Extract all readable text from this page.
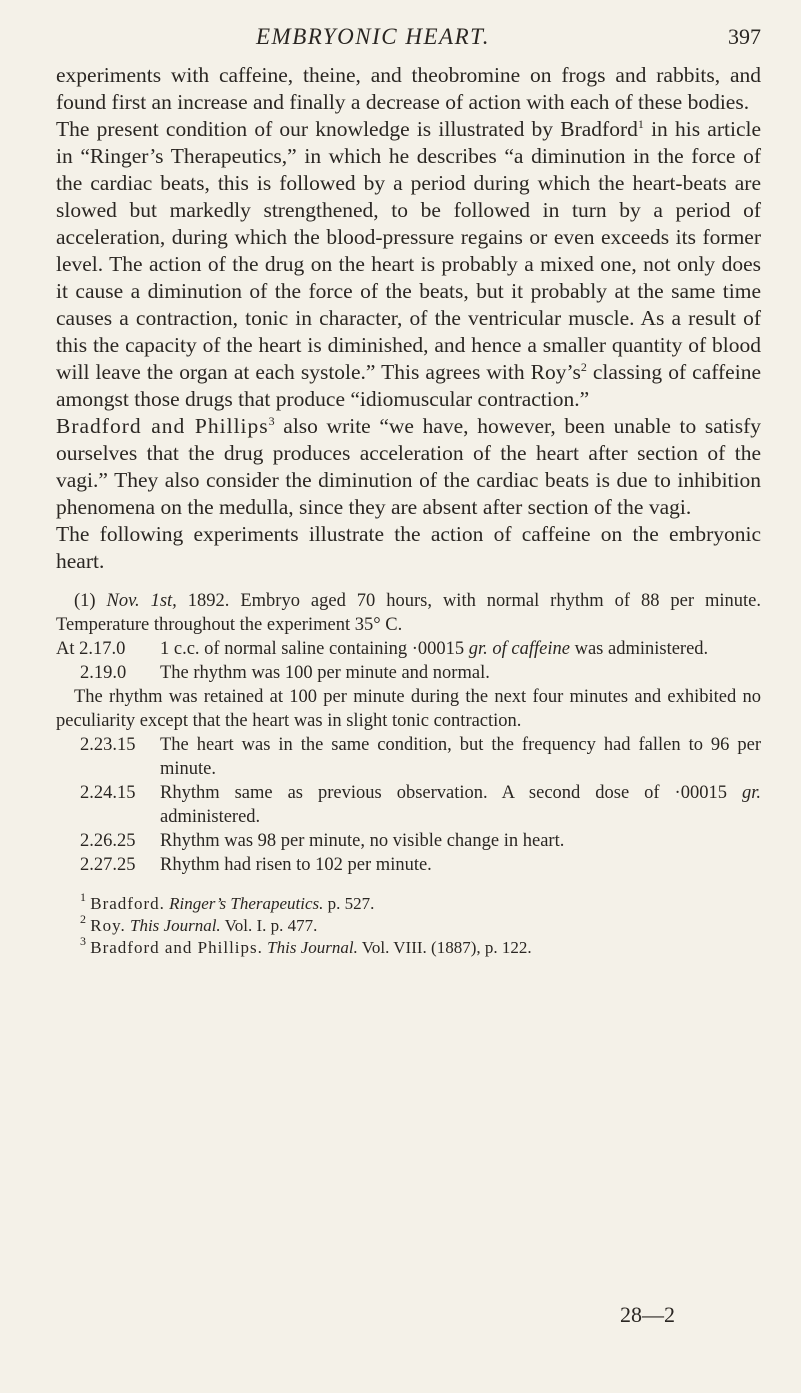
EMBRYONIC HEART.	397

experiments with caffeine, theine, and theobromine on frogs and rabbits, and found first an increase and finally a decrease of action with each of these bodies.

The present condition of our knowledge is illustrated by Bradford$^1$ in his article in “Ringer’s Therapeutics,” in which he describes “a diminution in the force of the cardiac beats, this is followed by a period during which the heart-beats are slowed but markedly strengthened, to be followed in turn by a period of acceleration, during which the blood-pressure regains or even exceeds its former level. The action of the drug on the heart is probably a mixed one, not only does it cause a diminution of the force of the beats, but it probably at the same time causes a contraction, tonic in character, of the ventricular muscle. As a result of this the capacity of the heart is diminished, and hence a smaller quantity of blood will leave the organ at each systole.” This agrees with $Roy’s^2$ classing of caffeine amongst those drugs that produce “idiomuscular contraction.”

Bradford and Phillips$^3$ also write “we have, however, been unable to satisfy ourselves that the drug produces acceleration of the heart after section of the vagi.” They also consider the diminution of the cardiac beats is due to inhibition phenomena on the medulla, since they are absent after section of the vagi.

The following experiments illustrate the action of caffeine on the embryonic heart.

(1) Nov. 1st, 1892. Embryo aged 70 hours, with normal rhythm of 88 per minute. Temperature throughout the experiment 35° C.

At 2.17.0	1 c.c. of normal saline containing ·00015 gr. of caffeine was administered.
2.19.0	The rhythm was 100 per minute and normal.

The rhythm was retained at 100 per minute during the next four minutes and exhibited no peculiarity except that the heart was in slight tonic contraction.

2.23.15	The heart was in the same condition, but the frequency had fallen to 96 per minute.
2.24.15	Rhythm same as previous observation. A second dose of ·00015 gr. administered.
2.26.25	Rhythm was 98 per minute, no visible change in heart.
2.27.25	Rhythm had risen to 102 per minute.
$^1$ Bradford. Ringer’s Therapeutics. p. 527.
$^2$ Roy. This Journal. Vol. I. p. 477.
$^3$ Bradford and Phillips. This Journal. Vol. VIII. (1887), p. 122.
28—2
